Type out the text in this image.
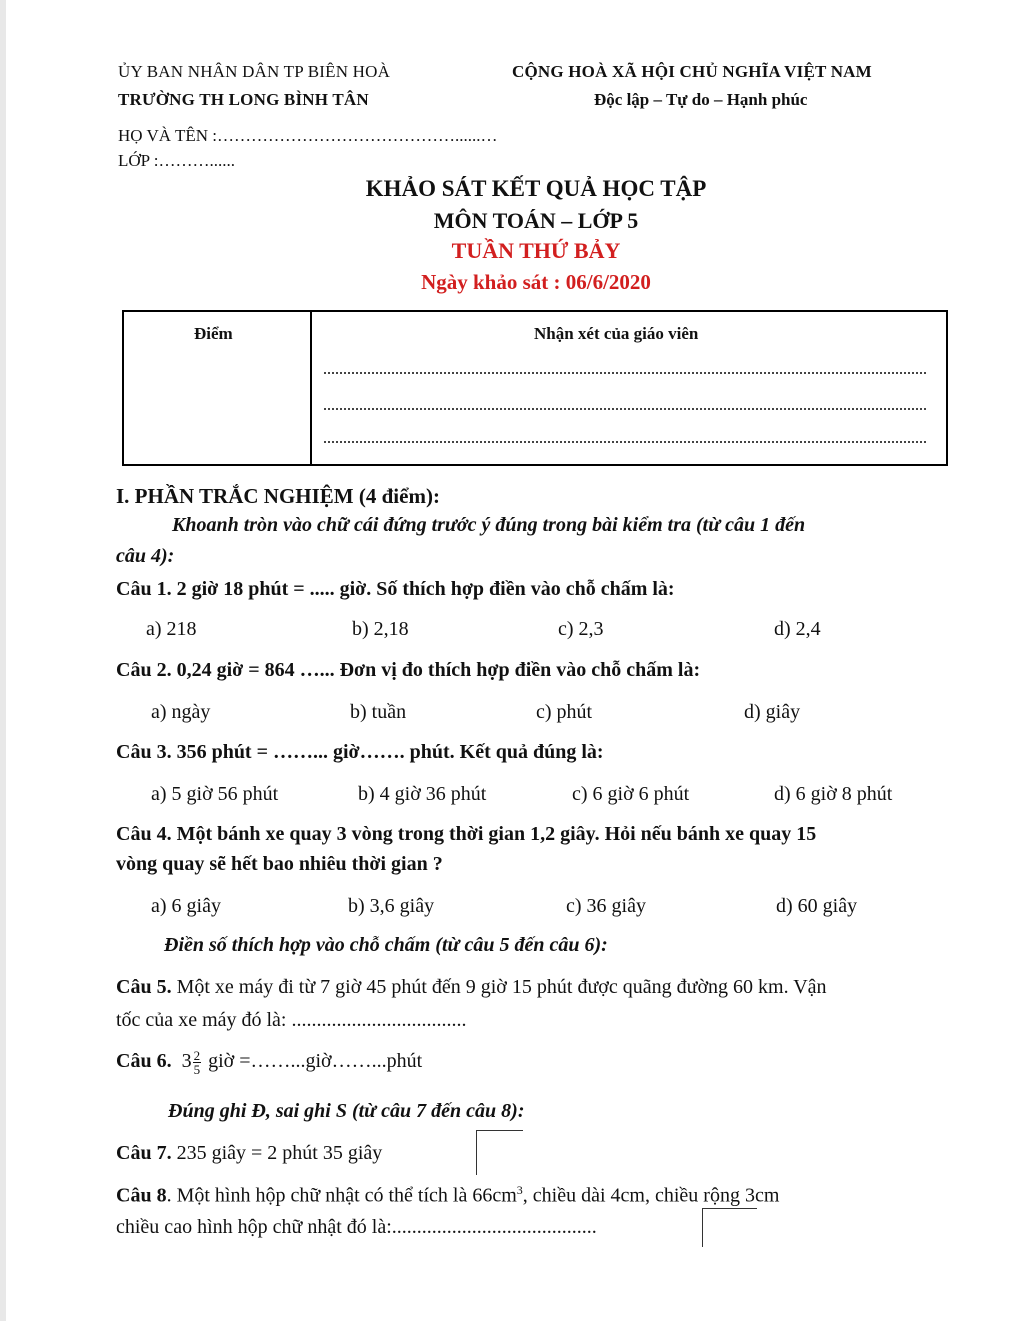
ỦY BAN NHÂN DÂN TP BIÊN HOÀ
TRƯỜNG TH LONG BÌNH TÂN
CỘNG HOÀ XÃ HỘI CHỦ NGHĨA VIỆT NAM
Độc lập – Tự do – Hạnh phúc
HỌ VÀ TÊN :……………………………………......…
LỚP :………......
KHẢO SÁT KẾT QUẢ HỌC TẬP
MÔN TOÁN – LỚP 5
TUẦN THỨ BẢY
Ngày khảo sát : 06/6/2020
Điểm	Nhận xét của giáo viên
I. PHẦN TRẮC NGHIỆM (4 điểm):
Khoanh tròn vào chữ cái đứng trước ý đúng trong bài kiểm tra (từ câu 1 đến
câu 4):
Câu 1. 2 giờ 18 phút = ..... giờ. Số thích hợp điền vào chỗ chấm là:
a) 218	b) 2,18	c) 2,3	d) 2,4
Câu 2. 0,24 giờ = 864 …... Đơn vị đo thích hợp điền vào chỗ chấm là:
a) ngày	b) tuần	c) phút	d) giây
Câu 3. 356 phút = ……... giờ……. phút. Kết quả đúng là:
a) 5 giờ 56 phút	b) 4 giờ 36 phút	c) 6 giờ 6 phút	d) 6 giờ 8 phút
Câu 4. Một bánh xe quay 3 vòng trong thời gian 1,2 giây. Hỏi nếu bánh xe quay 15
vòng quay sẽ hết bao nhiêu thời gian ?
a) 6 giây	b) 3,6 giây	c) 36 giây	d) 60 giây
Điền số thích hợp vào chỗ chấm (từ câu 5 đến câu 6):
Câu 5. Một xe máy đi từ 7 giờ 45 phút đến 9 giờ 15 phút được quãng đường 60 km. Vận
tốc của xe máy đó là: ...................................
Câu 6. $3 \frac{2}{5}$ giờ =……...giờ……...phút
Đúng ghi Đ, sai ghi S (từ câu 7 đến câu 8):
Câu 7. 235 giây = 2 phút 35 giây
Câu 8. Một hình hộp chữ nhật có thể tích là $66cm^3$, chiều dài 4cm, chiều rộng 3cm
chiều cao hình hộp chữ nhật đó là:.........................................
